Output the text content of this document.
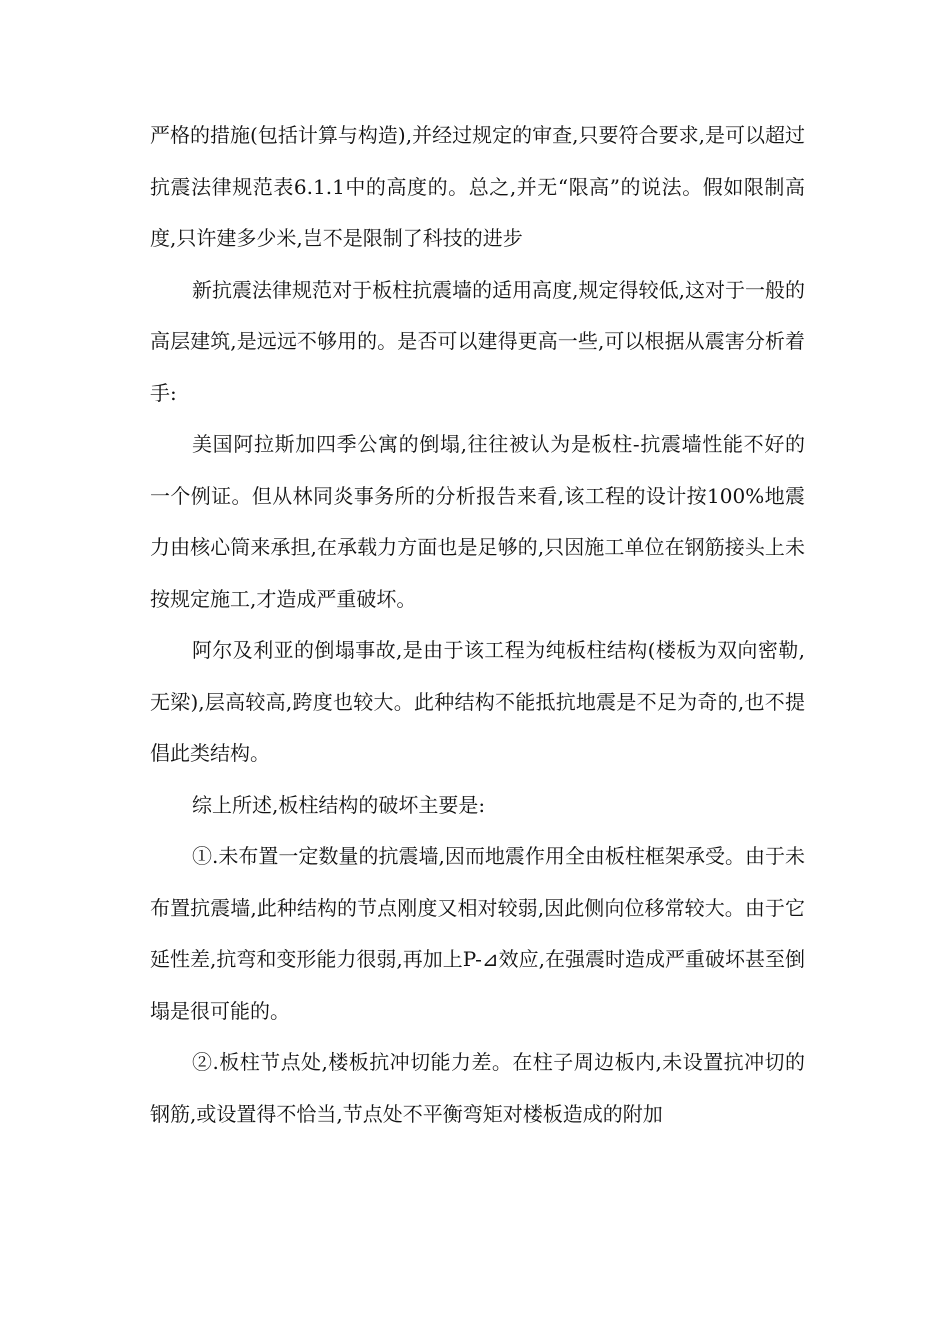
严格的措施(包括计算与构造),并经过规定的审查,只要符合要求,是可以超过抗震法律规范表6.1.1中的高度的。总之,并无“限高”的说法。假如限制高度,只许建多少米,岂不是限制了科技的进步

新抗震法律规范对于板柱抗震墙的适用高度,规定得较低,这对于一般的高层建筑,是远远不够用的。是否可以建得更高一些,可以根据从震害分析着手:

美国阿拉斯加四季公寓的倒塌,往往被认为是板柱-抗震墙性能不好的一个例证。但从林同炎事务所的分析报告来看,该工程的设计按100%地震力由核心筒来承担,在承载力方面也是足够的,只因施工单位在钢筋接头上未按规定施工,才造成严重破坏。

阿尔及利亚的倒塌事故,是由于该工程为纯板柱结构(楼板为双向密勒,无梁),层高较高,跨度也较大。此种结构不能抵抗地震是不足为奇的,也不提倡此类结构。

综上所述,板柱结构的破坏主要是:

①.未布置一定数量的抗震墙,因而地震作用全由板柱框架承受。由于未布置抗震墙,此种结构的节点刚度又相对较弱,因此侧向位移常较大。由于它延性差,抗弯和变形能力很弱,再加上P-⊿效应,在强震时造成严重破坏甚至倒塌是很可能的。

②.板柱节点处,楼板抗冲切能力差。在柱子周边板内,未设置抗冲切的钢筋,或设置得不恰当,节点处不平衡弯矩对楼板造成的附加
